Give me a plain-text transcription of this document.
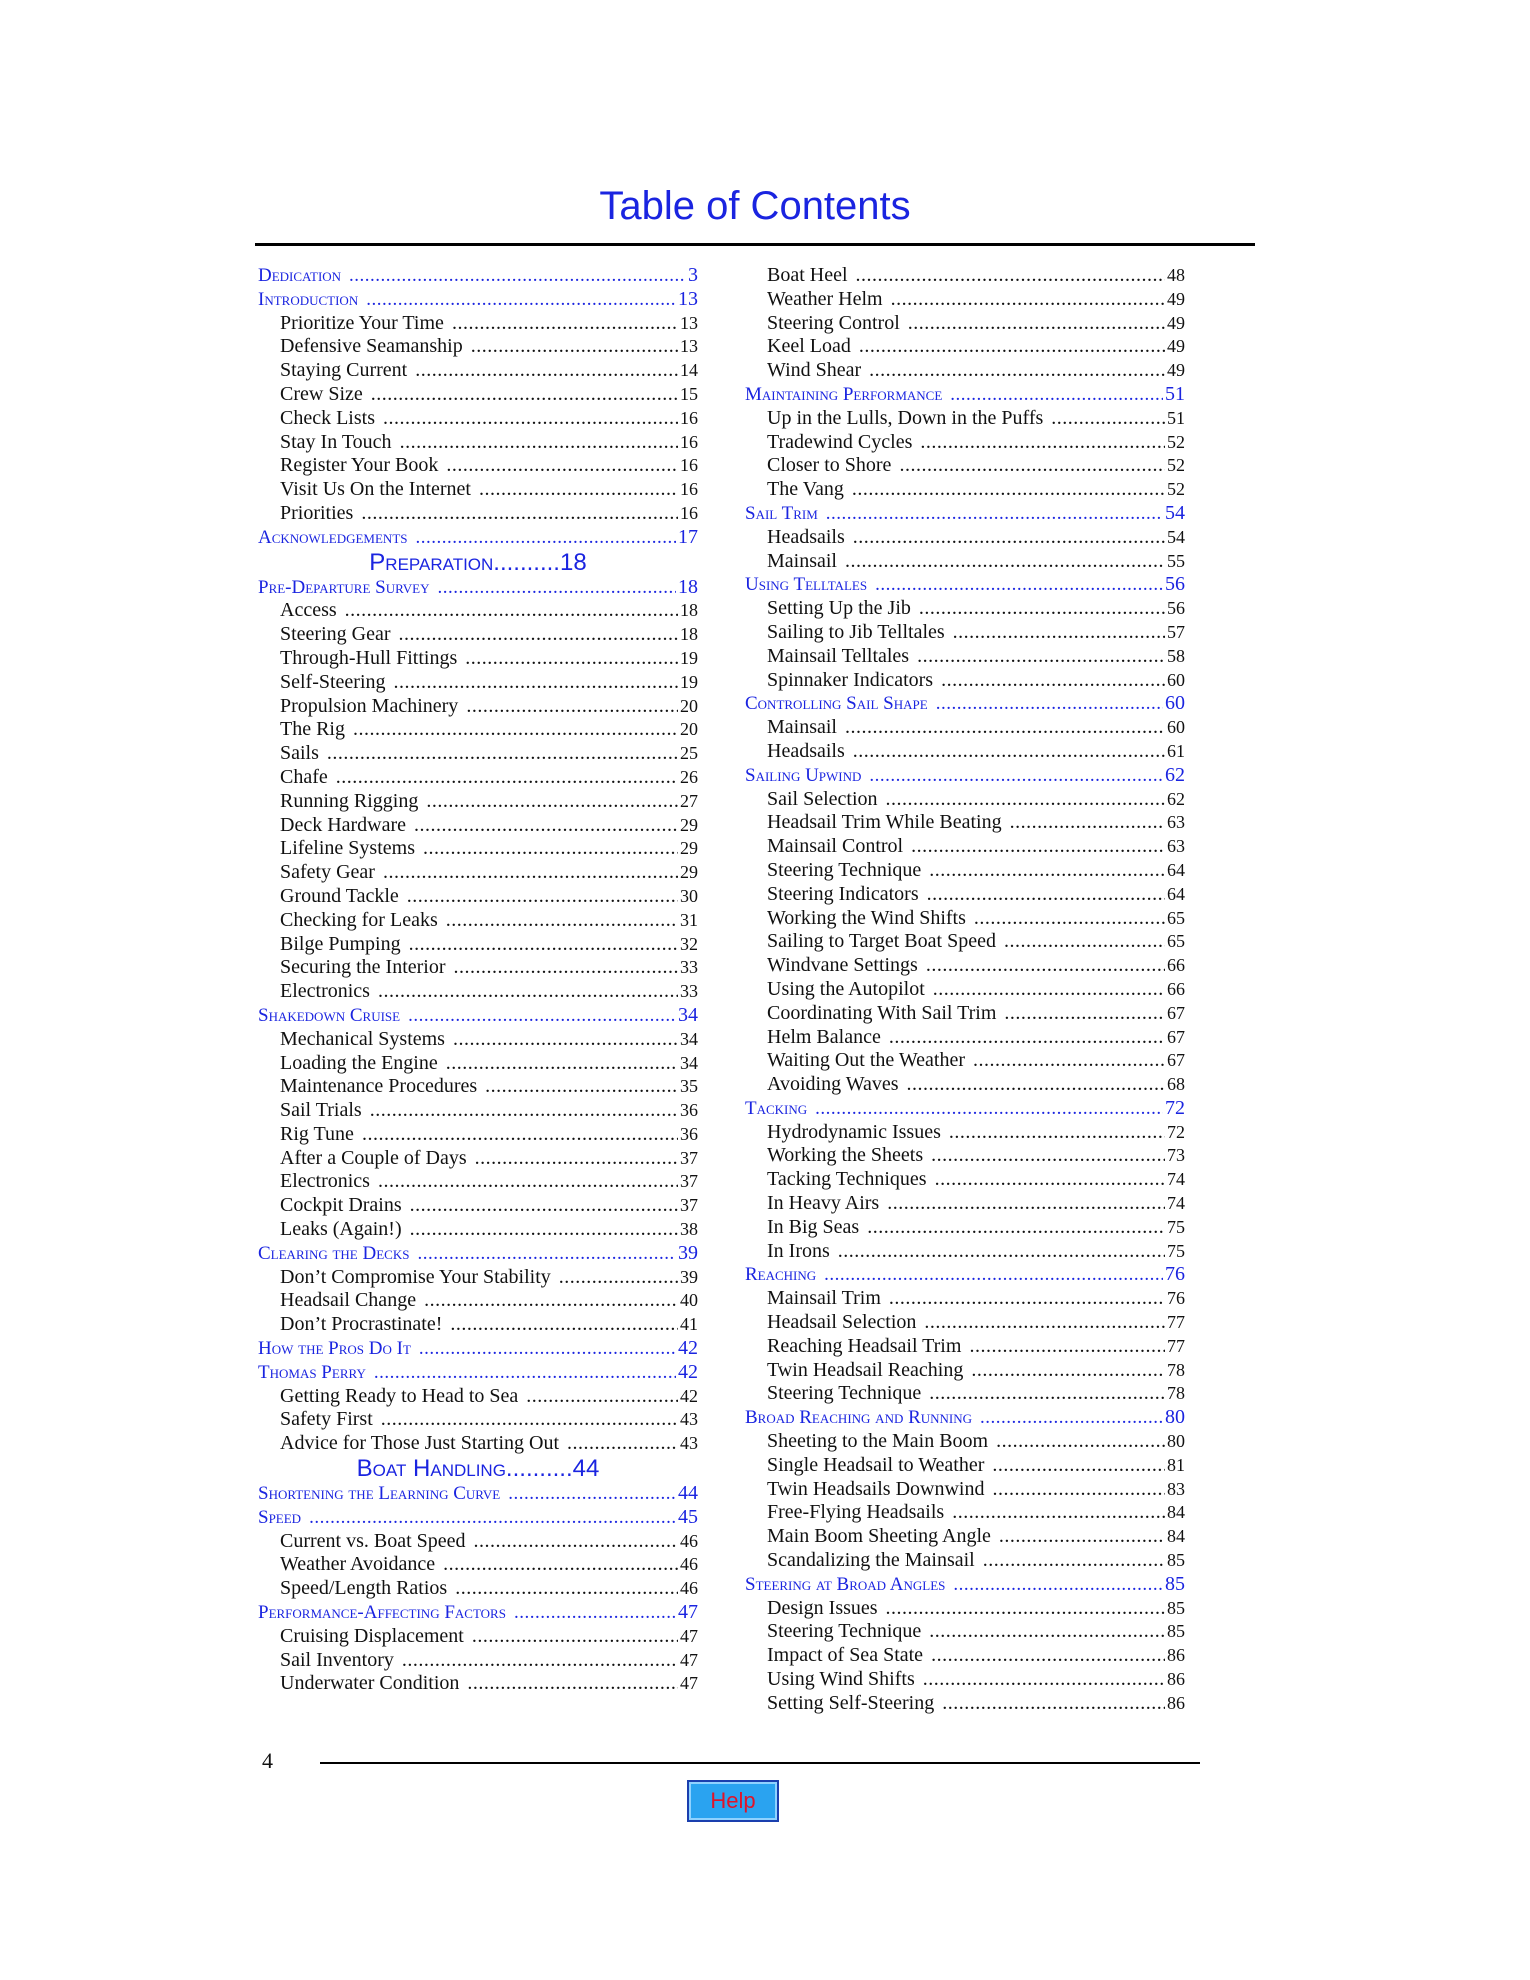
Table of Contents
Dedication .....	3
Introduction .....	13
Prioritize Your Time .....	13
Defensive Seamanship .....	13
Staying Current .....	14
Crew Size .....	15
Check Lists .....	16
Stay In Touch .....	16
Register Your Book .....	16
Visit Us On the Internet .....	16
Priorities .....	16
Acknowledgements .....	17
Preparation..........18
Pre-Departure Survey .....	18
Access .....	18
Steering Gear .....	18
Through-Hull Fittings .....	19
Self-Steering .....	19
Propulsion Machinery .....	20
The Rig .....	20
Sails .....	25
Chafe .....	26
Running Rigging .....	27
Deck Hardware .....	29
Lifeline Systems .....	29
Safety Gear .....	29
Ground Tackle .....	30
Checking for Leaks .....	31
Bilge Pumping .....	32
Securing the Interior .....	33
Electronics .....	33
Shakedown Cruise .....	34
Mechanical Systems .....	34
Loading the Engine .....	34
Maintenance Procedures .....	35
Sail Trials .....	36
Rig Tune .....	36
After a Couple of Days .....	37
Electronics .....	37
Cockpit Drains .....	37
Leaks (Again!) .....	38
Clearing the Decks .....	39
Don’t Compromise Your Stability .....	39
Headsail Change .....	40
Don’t Procrastinate! .....	41
How the Pros Do It .....	42
Thomas Perry .....	42
Getting Ready to Head to Sea .....	42
Safety First .....	43
Advice for Those Just Starting Out .....	43
Boat Handling..........44
Shortening the Learning Curve .....	44
Speed .....	45
Current vs. Boat Speed .....	46
Weather Avoidance .....	46
Speed/Length Ratios .....	46
Performance-Affecting Factors .....	47
Cruising Displacement .....	47
Sail Inventory .....	47
Underwater Condition .....	47
Boat Heel .....	48
Weather Helm .....	49
Steering Control .....	49
Keel Load .....	49
Wind Shear .....	49
Maintaining Performance .....	51
Up in the Lulls, Down in the Puffs .....	51
Tradewind Cycles .....	52
Closer to Shore .....	52
The Vang .....	52
Sail Trim .....	54
Headsails .....	54
Mainsail .....	55
Using Telltales .....	56
Setting Up the Jib .....	56
Sailing to Jib Telltales .....	57
Mainsail Telltales .....	58
Spinnaker Indicators .....	60
Controlling Sail Shape .....	60
Mainsail .....	60
Headsails .....	61
Sailing Upwind .....	62
Sail Selection .....	62
Headsail Trim While Beating .....	63
Mainsail Control .....	63
Steering Technique .....	64
Steering Indicators .....	64
Working the Wind Shifts .....	65
Sailing to Target Boat Speed .....	65
Windvane Settings .....	66
Using the Autopilot .....	66
Coordinating With Sail Trim .....	67
Helm Balance .....	67
Waiting Out the Weather .....	67
Avoiding Waves .....	68
Tacking .....	72
Hydrodynamic Issues .....	72
Working the Sheets .....	73
Tacking Techniques .....	74
In Heavy Airs .....	74
In Big Seas .....	75
In Irons .....	75
Reaching .....	76
Mainsail Trim .....	76
Headsail Selection .....	77
Reaching Headsail Trim .....	77
Twin Headsail Reaching .....	78
Steering Technique .....	78
Broad Reaching and Running .....	80
Sheeting to the Main Boom .....	80
Single Headsail to Weather .....	81
Twin Headsails Downwind .....	83
Free-Flying Headsails .....	84
Main Boom Sheeting Angle .....	84
Scandalizing the Mainsail .....	85
Steering at Broad Angles .....	85
Design Issues .....	85
Steering Technique .....	85
Impact of Sea State .....	86
Using Wind Shifts .....	86
Setting Self-Steering .....	86
4
Help
